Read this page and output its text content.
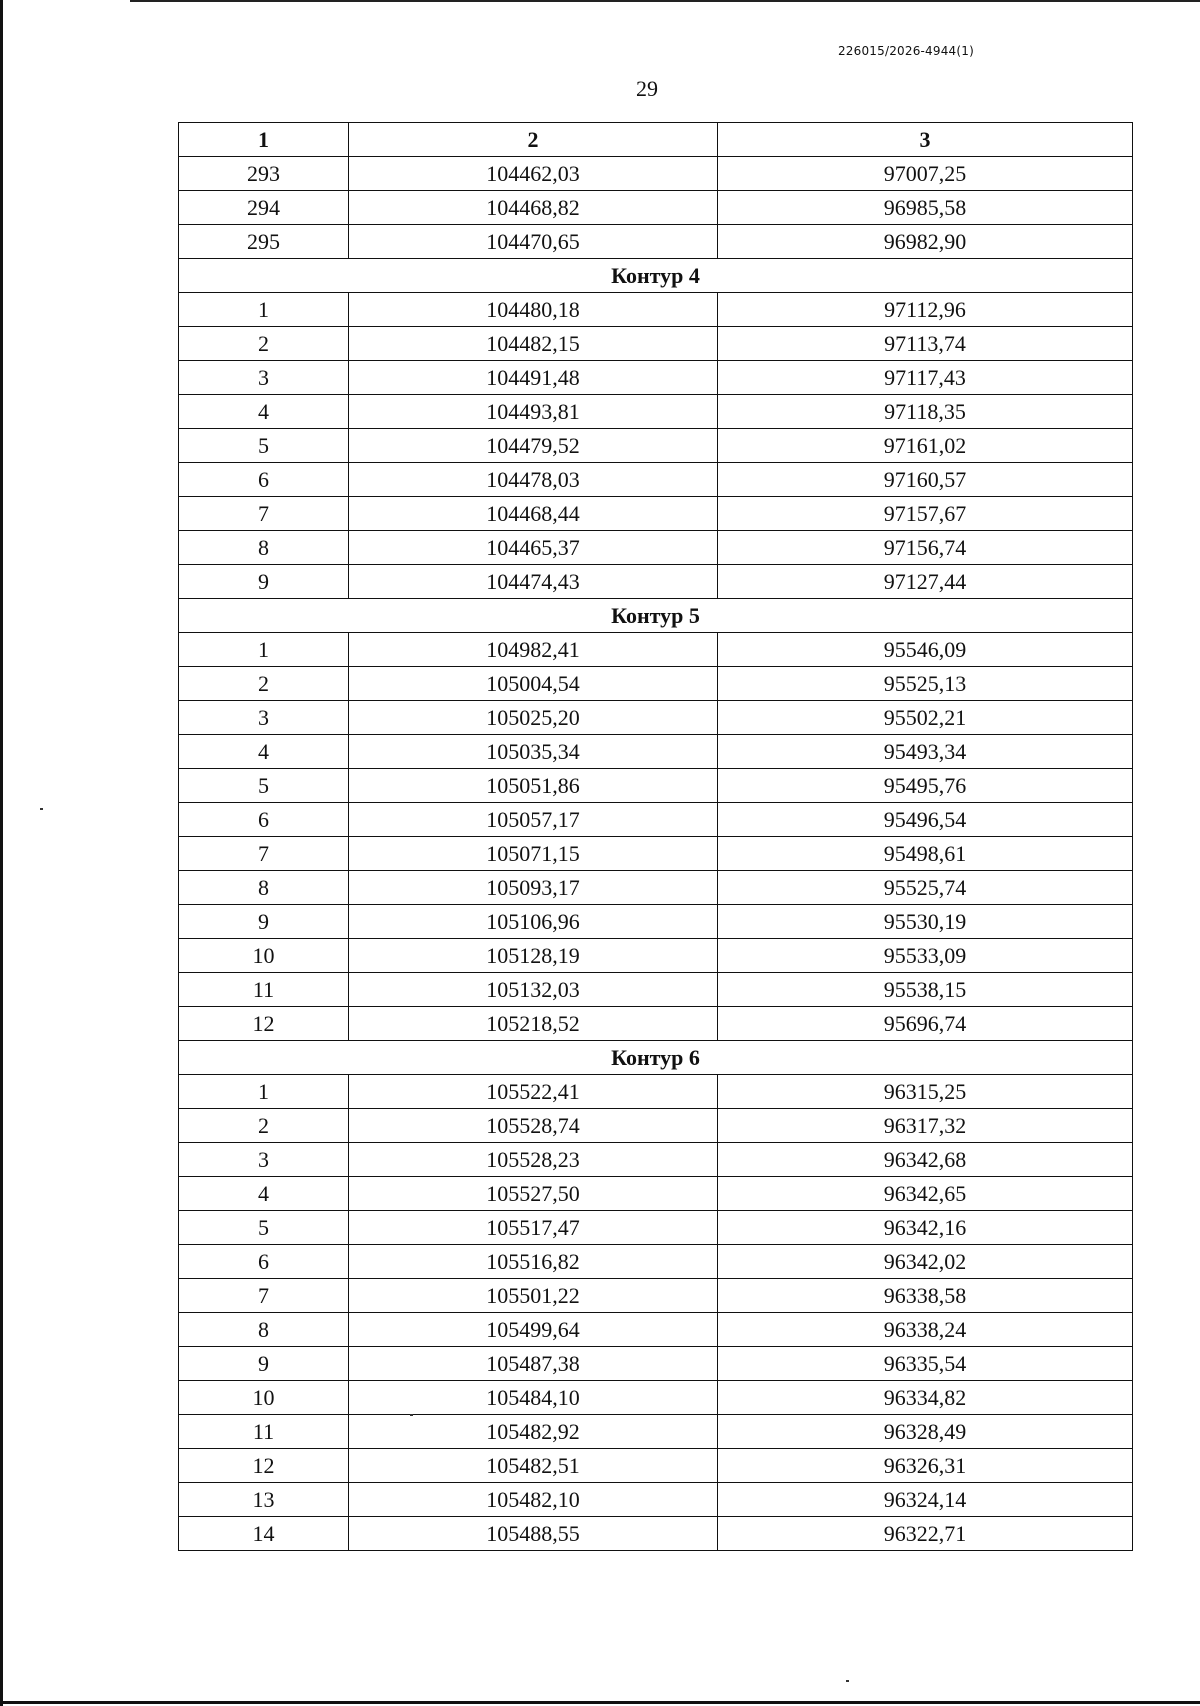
226015/2026-4944(1)
29
1	2	3
293	104462,03	97007,25
294	104468,82	96985,58
295	104470,65	96982,90
Контур 4		
1	104480,18	97112,96
2	104482,15	97113,74
3	104491,48	97117,43
4	104493,81	97118,35
5	104479,52	97161,02
6	104478,03	97160,57
7	104468,44	97157,67
8	104465,37	97156,74
9	104474,43	97127,44
Контур 5		
1	104982,41	95546,09
2	105004,54	95525,13
3	105025,20	95502,21
4	105035,34	95493,34
5	105051,86	95495,76
6	105057,17	95496,54
7	105071,15	95498,61
8	105093,17	95525,74
9	105106,96	95530,19
10	105128,19	95533,09
11	105132,03	95538,15
12	105218,52	95696,74
Контур 6		
1	105522,41	96315,25
2	105528,74	96317,32
3	105528,23	96342,68
4	105527,50	96342,65
5	105517,47	96342,16
6	105516,82	96342,02
7	105501,22	96338,58
8	105499,64	96338,24
9	105487,38	96335,54
10	105484,10	96334,82
11	105482,92	96328,49
12	105482,51	96326,31
13	105482,10	96324,14
14	105488,55	96322,71
